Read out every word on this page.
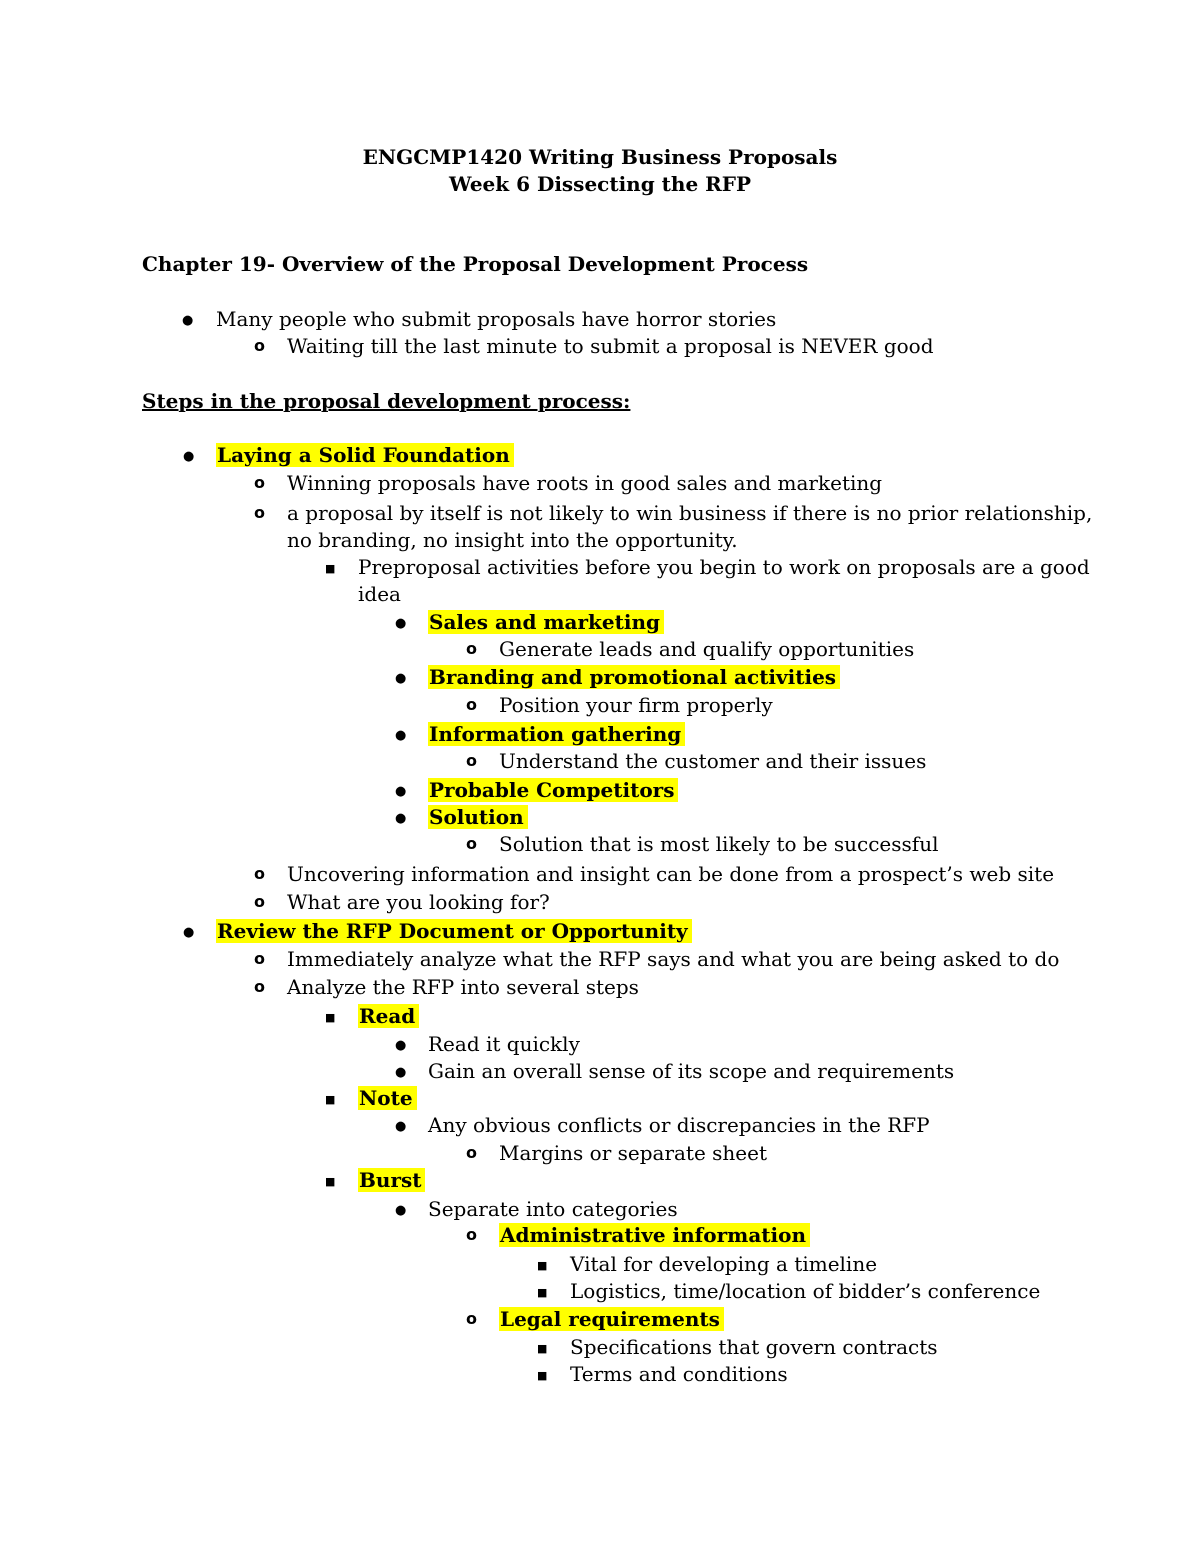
ENGCMP1420 Writing Business Proposals
Week 6 Dissecting the RFP
Chapter 19- Overview of the Proposal Development Process
●
Many people who submit proposals have horror stories
o
Waiting till the last minute to submit a proposal is NEVER good
Steps in the proposal development process:
●
Laying a Solid Foundation
o
Winning proposals have roots in good sales and marketing
o
a proposal by itself is not likely to win business if there is no prior relationship,
no branding, no insight into the opportunity.
■
Preproposal activities before you begin to work on proposals are a good
idea
●
Sales and marketing
o
Generate leads and qualify opportunities
●
Branding and promotional activities
o
Position your firm properly
●
Information gathering
o
Understand the customer and their issues
●
Probable Competitors
●
Solution
o
Solution that is most likely to be successful
o
Uncovering information and insight can be done from a prospect’s web site
o
What are you looking for?
●
Review the RFP Document or Opportunity
o
Immediately analyze what the RFP says and what you are being asked to do
o
Analyze the RFP into several steps
■
Read
●
Read it quickly
●
Gain an overall sense of its scope and requirements
■
Note
●
Any obvious conflicts or discrepancies in the RFP
o
Margins or separate sheet
■
Burst
●
Separate into categories
o
Administrative information
■
Vital for developing a timeline
■
Logistics, time/location of bidder’s conference
o
Legal requirements
■
Specifications that govern contracts
■
Terms and conditions
